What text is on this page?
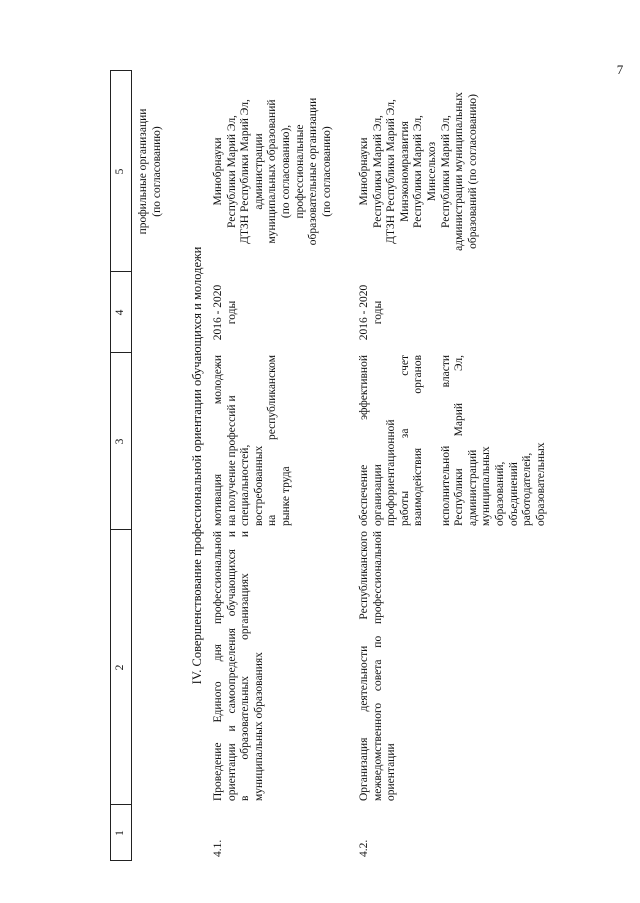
7
1
2
3
4
5 профильные организации (по согласованию)
IV. Совершенствование профессиональной ориентации обучающихся и молодежи
4.1.
Проведение Единого дня профессиональной ориентации и самоопределения обучающихся и в образовательных организациях и муниципальных образованиях
мотивация молодежи на получение профессий и специальностей, востребованных на республиканском рынке труда
2016 - 2020 годы
Минобрнауки Республики Марий Эл, ДТЗН Республики Марий Эл, администрации муниципальных образований (по согласованию), профессиональные образовательные организации (по согласованию)
4.2.
Организация деятельности Республиканского межведомственного совета по профессиональной ориентации
обеспечение эффективной организации профориентационной работы за счет взаимодействия органов исполнительной власти Республики Марий Эл, администраций муниципальных образований, объединений работодателей, образовательных
2016 - 2020 годы
Минобрнауки Республики Марий Эл, ДТЗН Республики Марий Эл, Минэкономразвития Республики Марий Эл, Минсельхоз Республики Марий Эл, администрации муниципальных образований (по согласованию)
